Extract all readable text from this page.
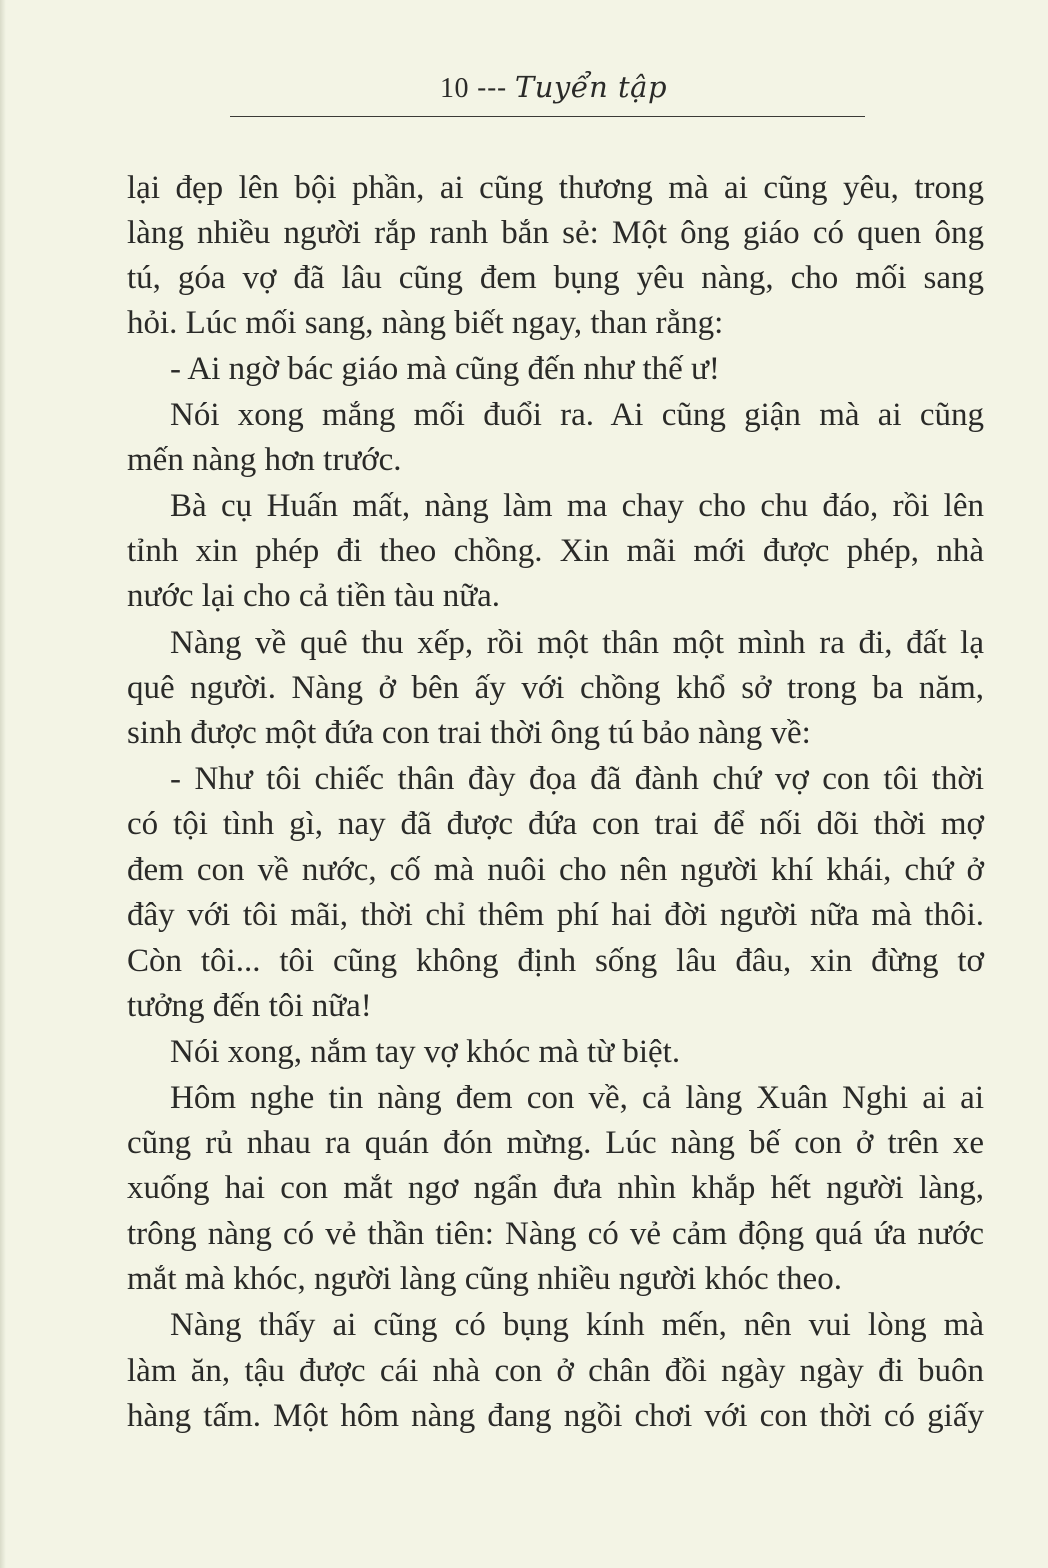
10 --- Tuyển tập
lại đẹp lên bội phần, ai cũng thương mà ai cũng yêu, trong
làng nhiều người rắp ranh bắn sẻ: Một ông giáo có quen ông
tú, góa vợ đã lâu cũng đem bụng yêu nàng, cho mối sang
hỏi. Lúc mối sang, nàng biết ngay, than rằng:
- Ai ngờ bác giáo mà cũng đến như thế ư!
Nói xong mắng mối đuổi ra. Ai cũng giận mà ai cũng
mến nàng hơn trước.
Bà cụ Huấn mất, nàng làm ma chay cho chu đáo, rồi lên
tỉnh xin phép đi theo chồng. Xin mãi mới được phép, nhà
nước lại cho cả tiền tàu nữa.
Nàng về quê thu xếp, rồi một thân một mình ra đi, đất lạ
quê người. Nàng ở bên ấy với chồng khổ sở trong ba năm,
sinh được một đứa con trai thời ông tú bảo nàng về:
- Như tôi chiếc thân đày đọa đã đành chứ vợ con tôi thời
có tội tình gì, nay đã được đứa con trai để nối dõi thời mợ
đem con về nước, cố mà nuôi cho nên người khí khái, chứ ở
đây với tôi mãi, thời chỉ thêm phí hai đời người nữa mà thôi.
Còn tôi... tôi cũng không định sống lâu đâu, xin đừng tơ
tưởng đến tôi nữa!
Nói xong, nắm tay vợ khóc mà từ biệt.
Hôm nghe tin nàng đem con về, cả làng Xuân Nghi ai ai
cũng rủ nhau ra quán đón mừng. Lúc nàng bế con ở trên xe
xuống hai con mắt ngơ ngẩn đưa nhìn khắp hết người làng,
trông nàng có vẻ thần tiên: Nàng có vẻ cảm động quá ứa nước
mắt mà khóc, người làng cũng nhiều người khóc theo.
Nàng thấy ai cũng có bụng kính mến, nên vui lòng mà
làm ăn, tậu được cái nhà con ở chân đồi ngày ngày đi buôn
hàng tấm. Một hôm nàng đang ngồi chơi với con thời có giấy
